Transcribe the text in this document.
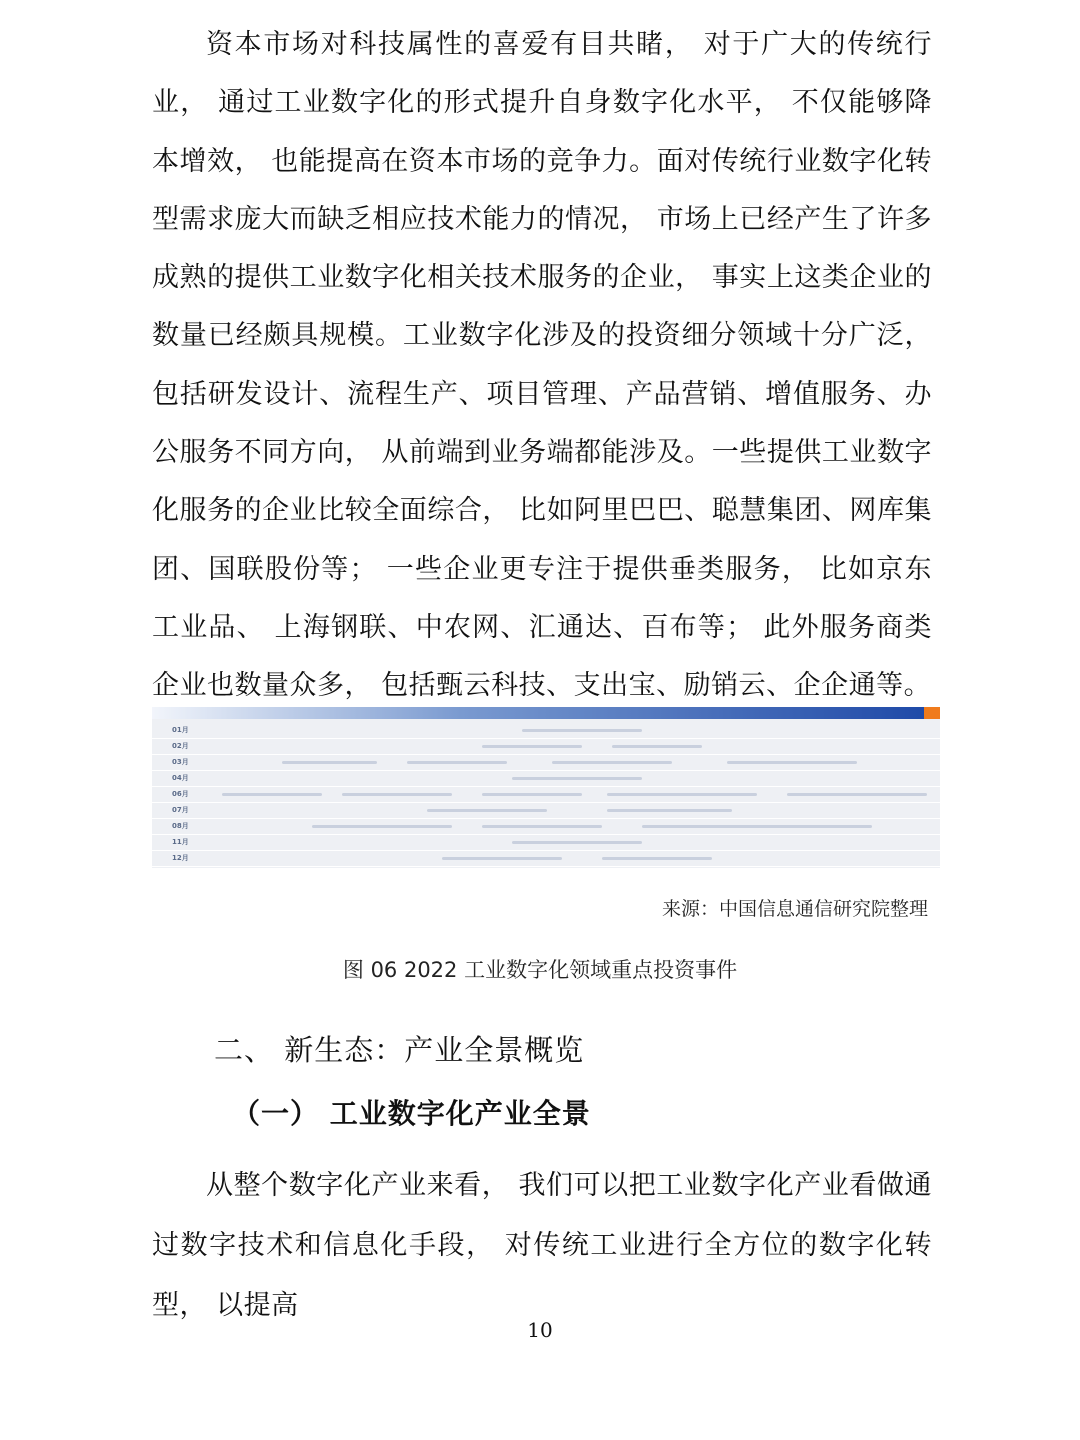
资本市场对科技属性的喜爱有目共睹， 对于广大的传统行业， 通过工业数字化的形式提升自身数字化水平， 不仅能够降本增效， 也能提高在资本市场的竞争力。面对传统行业数字化转型需求庞大而缺乏相应技术能力的情况， 市场上已经产生了许多成熟的提供工业数字化相关技术服务的企业， 事实上这类企业的数量已经颇具规模。工业数字化涉及的投资细分领域十分广泛， 包括研发设计、流程生产、项目管理、产品营销、增值服务、办公服务不同方向， 从前端到业务端都能涉及。一些提供工业数字化服务的企业比较全面综合， 比如阿里巴巴、聪慧集团、网库集团、国联股份等； 一些企业更专注于提供垂类服务， 比如京东工业品、 上海钢联、中农网、汇通达、百布等； 此外服务商类企业也数量众多， 包括甄云科技、支出宝、励销云、企企通等。

01月
02月
03月
04月
06月
07月
08月
11月
12月
来源：中国信息通信研究院整理
图 06 2022 工业数字化领域重点投资事件
二、 新生态：产业全景概览
（一） 工业数字化产业全景

从整个数字化产业来看， 我们可以把工业数字化产业看做通过数字技术和信息化手段， 对传统工业进行全方位的数字化转型， 以提高

10
